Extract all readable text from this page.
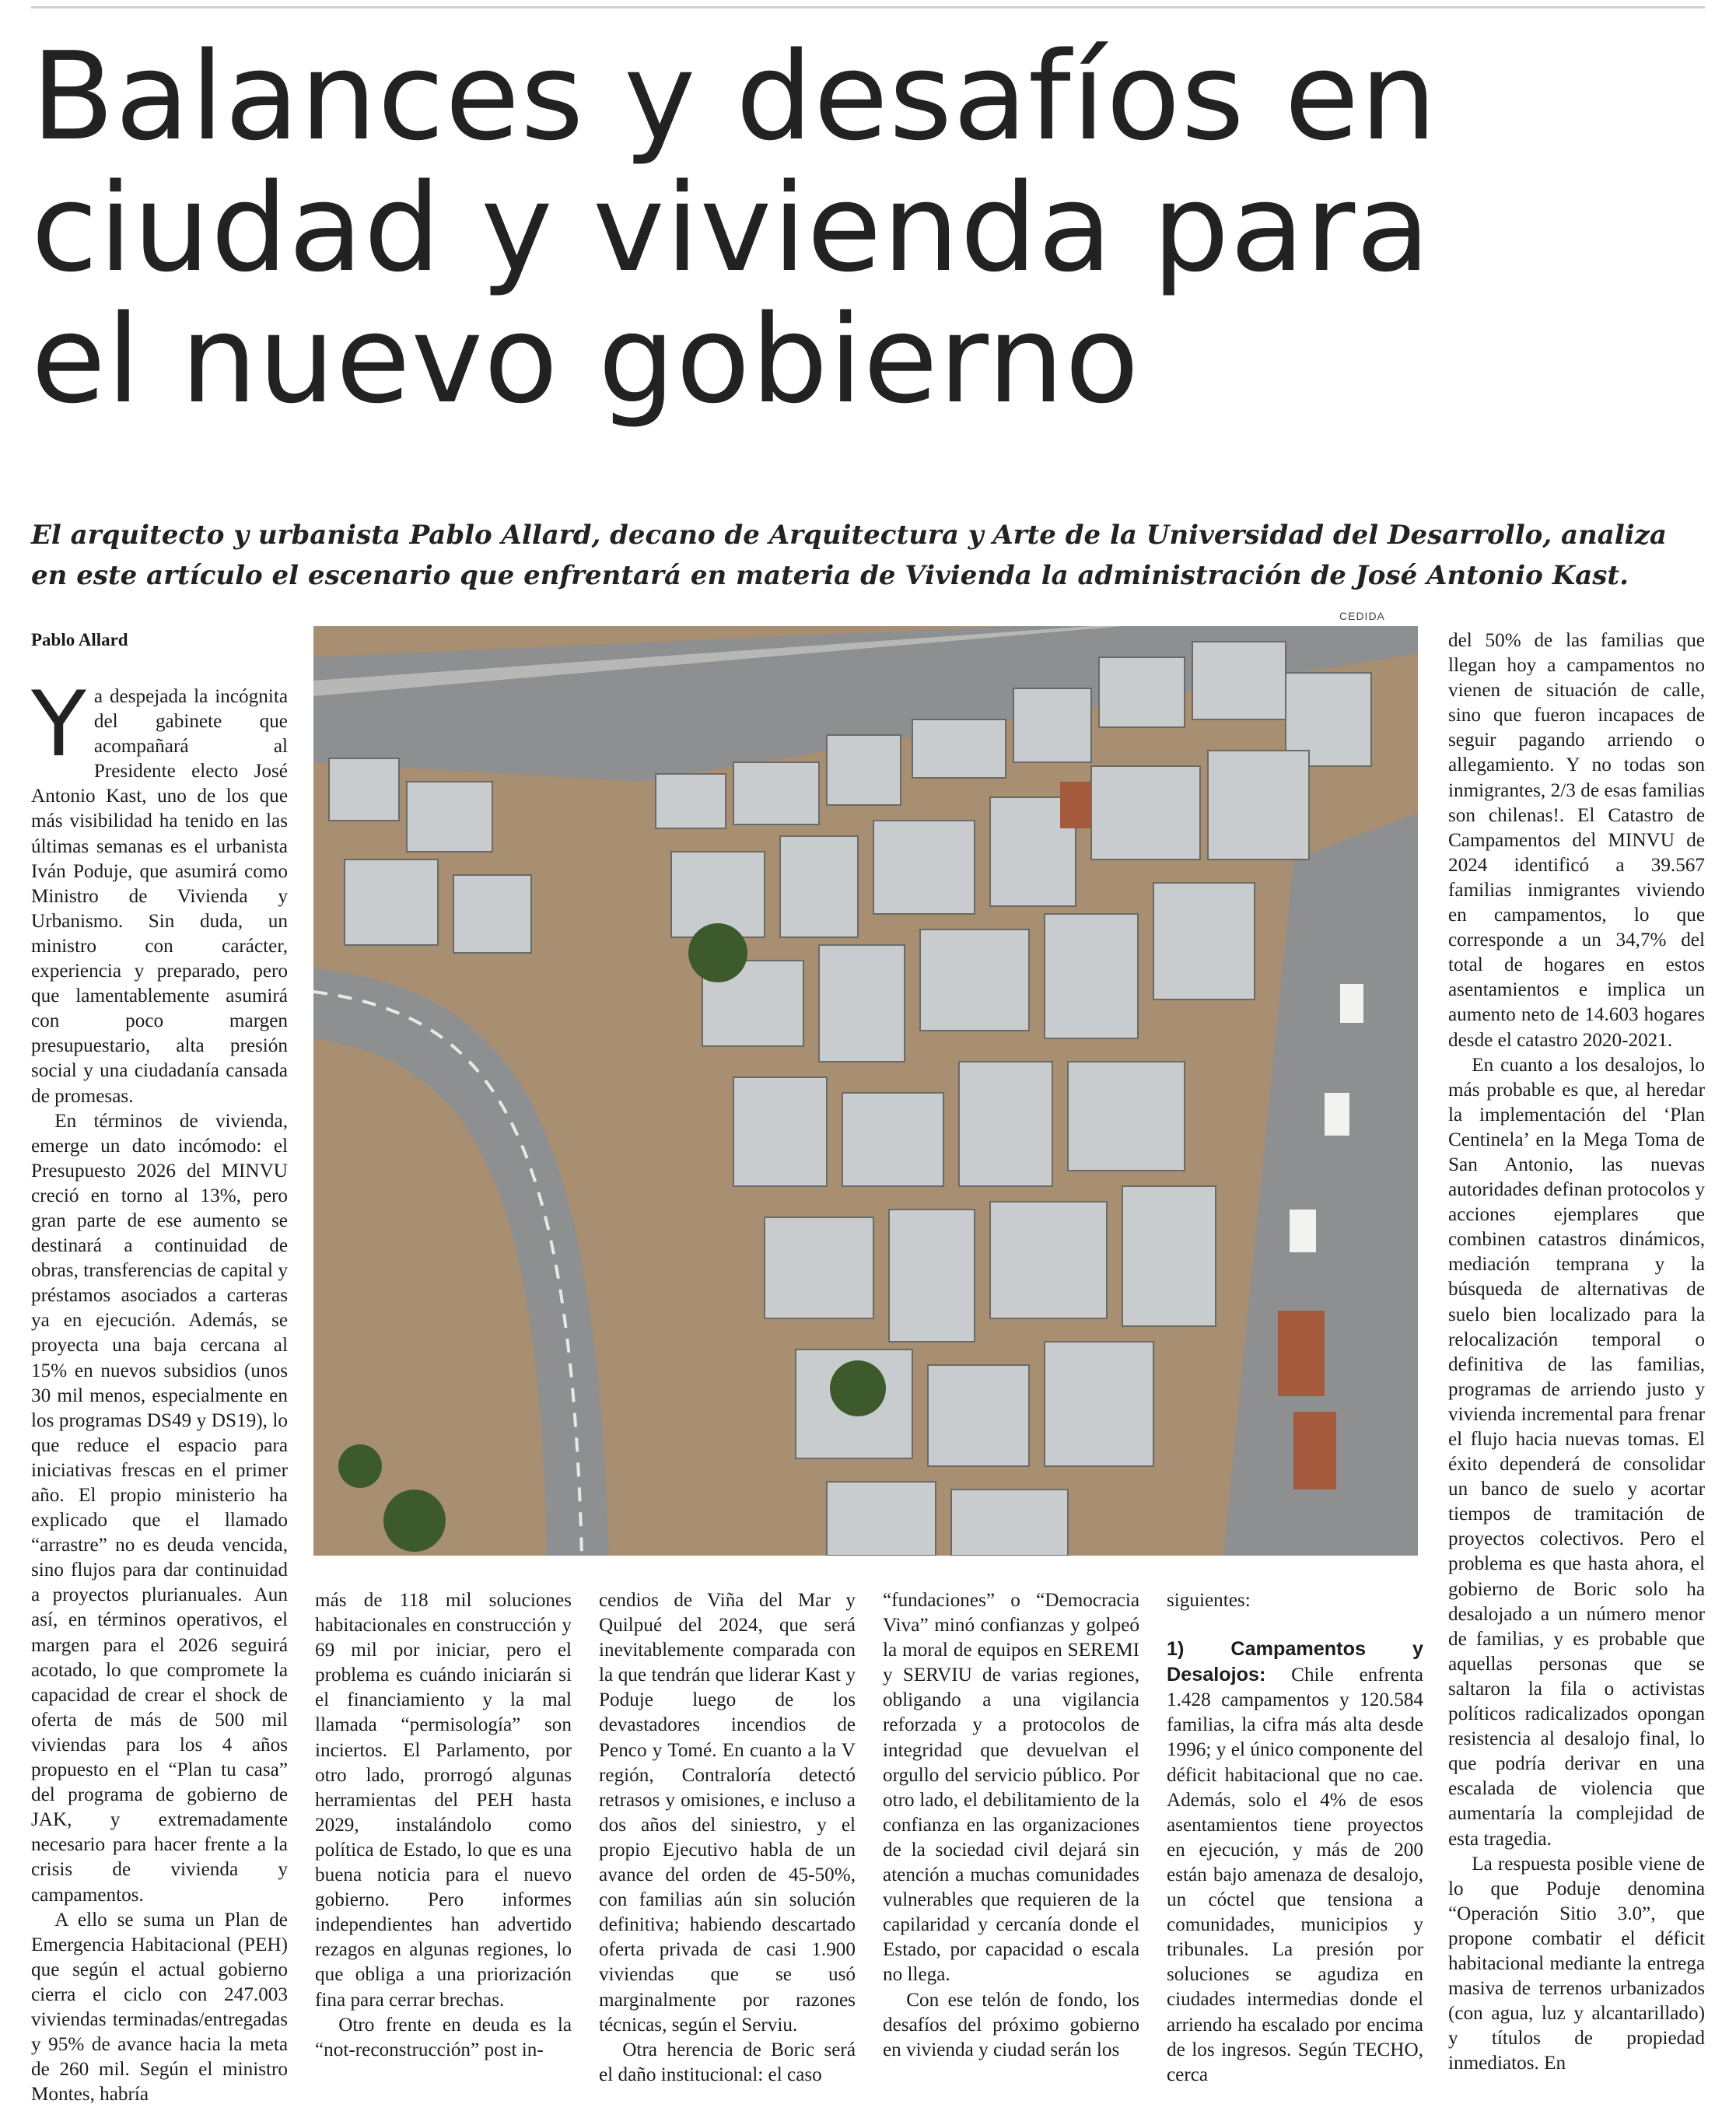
Balances y desafíos en
ciudad y vivienda para
el nuevo gobierno
El arquitecto y urbanista Pablo Allard, decano de Arquitectura y Arte de la Universidad del Desarrollo, analiza en este artículo el escenario que enfrentará en materia de Vivienda la administración de José Antonio Kast.
Pablo Allard
CEDIDA

Ya despejada la incógnita del gabinete que acompañará al Presidente electo José Antonio Kast, uno de los que más visibilidad ha tenido en las últimas semanas es el urbanista Iván Poduje, que asumirá como Ministro de Vivienda y Urbanismo. Sin duda, un ministro con carácter, experiencia y preparado, pero que lamentablemente asumirá con poco margen presupuestario, alta presión social y una ciudadanía cansada de promesas.

En términos de vivienda, emerge un dato incómodo: el Presupuesto 2026 del MINVU creció en torno al 13%, pero gran parte de ese aumento se destinará a continuidad de obras, transferencias de capital y préstamos asociados a carteras ya en ejecución. Además, se proyecta una baja cercana al 15% en nuevos subsidios (unos 30 mil menos, especialmente en los programas DS49 y DS19), lo que reduce el espacio para iniciativas frescas en el primer año. El propio ministerio ha explicado que el llamado “arrastre” no es deuda vencida, sino flujos para dar continuidad a proyectos plurianuales. Aun así, en términos operativos, el margen para el 2026 seguirá acotado, lo que compromete la capacidad de crear el shock de oferta de más de 500 mil viviendas para los 4 años propuesto en el “Plan tu casa” del programa de gobierno de JAK, y extremadamente necesario para hacer frente a la crisis de vivienda y campamentos.

A ello se suma un Plan de Emergencia Habitacional (PEH) que según el actual gobierno cierra el ciclo con 247.003 viviendas terminadas/entregadas y 95% de avance hacia la meta de 260 mil. Según el ministro Montes, habría

más de 118 mil soluciones habitacionales en construcción y 69 mil por iniciar, pero el problema es cuándo iniciarán si el financiamiento y la mal llamada “permisología” son inciertos. El Parlamento, por otro lado, prorrogó algunas herramientas del PEH hasta 2029, instalándolo como política de Estado, lo que es una buena noticia para el nuevo gobierno. Pero informes independientes han advertido rezagos en algunas regiones, lo que obliga a una priorización fina para cerrar brechas.

Otro frente en deuda es la “not-reconstrucción” post in-

cendios de Viña del Mar y Quilpué del 2024, que será inevitablemente comparada con la que tendrán que liderar Kast y Poduje luego de los devastadores incendios de Penco y Tomé. En cuanto a la V región, Contraloría detectó retrasos y omisiones, e incluso a dos años del siniestro, y el propio Ejecutivo habla de un avance del orden de 45-50%, con familias aún sin solución definitiva; habiendo descartado oferta privada de casi 1.900 viviendas que se usó marginalmente por razones técnicas, según el Serviu.

Otra herencia de Boric será el daño institucional: el caso

“fundaciones” o “Democracia Viva” minó confianzas y golpeó la moral de equipos en SEREMI y SERVIU de varias regiones, obligando a una vigilancia reforzada y a protocolos de integridad que devuelvan el orgullo del servicio público. Por otro lado, el debilitamiento de la confianza en las organizaciones de la sociedad civil dejará sin atención a muchas comunidades vulnerables que requieren de la capilaridad y cercanía donde el Estado, por capacidad o escala no llega.

Con ese telón de fondo, los desafíos del próximo gobierno en vivienda y ciudad serán los

siguientes:

1) Campamentos y Desalojos: Chile enfrenta 1.428 campamentos y 120.584 familias, la cifra más alta desde 1996; y el único componente del déficit habitacional que no cae. Además, solo el 4% de esos asentamientos tiene proyectos en ejecución, y más de 200 están bajo amenaza de desalojo, un cóctel que tensiona a comunidades, municipios y tribunales. La presión por soluciones se agudiza en ciudades intermedias donde el arriendo ha escalado por encima de los ingresos. Según TECHO, cerca

del 50% de las familias que llegan hoy a campamentos no vienen de situación de calle, sino que fueron incapaces de seguir pagando arriendo o allegamiento. Y no todas son inmigrantes, 2/3 de esas familias son chilenas!. El Catastro de Campamentos del MINVU de 2024 identificó a 39.567 familias inmigrantes viviendo en campamentos, lo que corresponde a un 34,7% del total de hogares en estos asentamientos e implica un aumento neto de 14.603 hogares desde el catastro 2020-2021.

En cuanto a los desalojos, lo más probable es que, al heredar la implementación del ‘Plan Centinela’ en la Mega Toma de San Antonio, las nuevas autoridades definan protocolos y acciones ejemplares que combinen catastros dinámicos, mediación temprana y la búsqueda de alternativas de suelo bien localizado para la relocalización temporal o definitiva de las familias, programas de arriendo justo y vivienda incremental para frenar el flujo hacia nuevas tomas. El éxito dependerá de consolidar un banco de suelo y acortar tiempos de tramitación de proyectos colectivos. Pero el problema es que hasta ahora, el gobierno de Boric solo ha desalojado a un número menor de familias, y es probable que aquellas personas que se saltaron la fila o activistas políticos radicalizados opongan resistencia al desalojo final, lo que podría derivar en una escalada de violencia que aumentaría la complejidad de esta tragedia.

La respuesta posible viene de lo que Poduje denomina “Operación Sitio 3.0”, que propone combatir el déficit habitacional mediante la entrega masiva de terrenos urbanizados (con agua, luz y alcantarillado) y títulos de propiedad inmediatos. En
